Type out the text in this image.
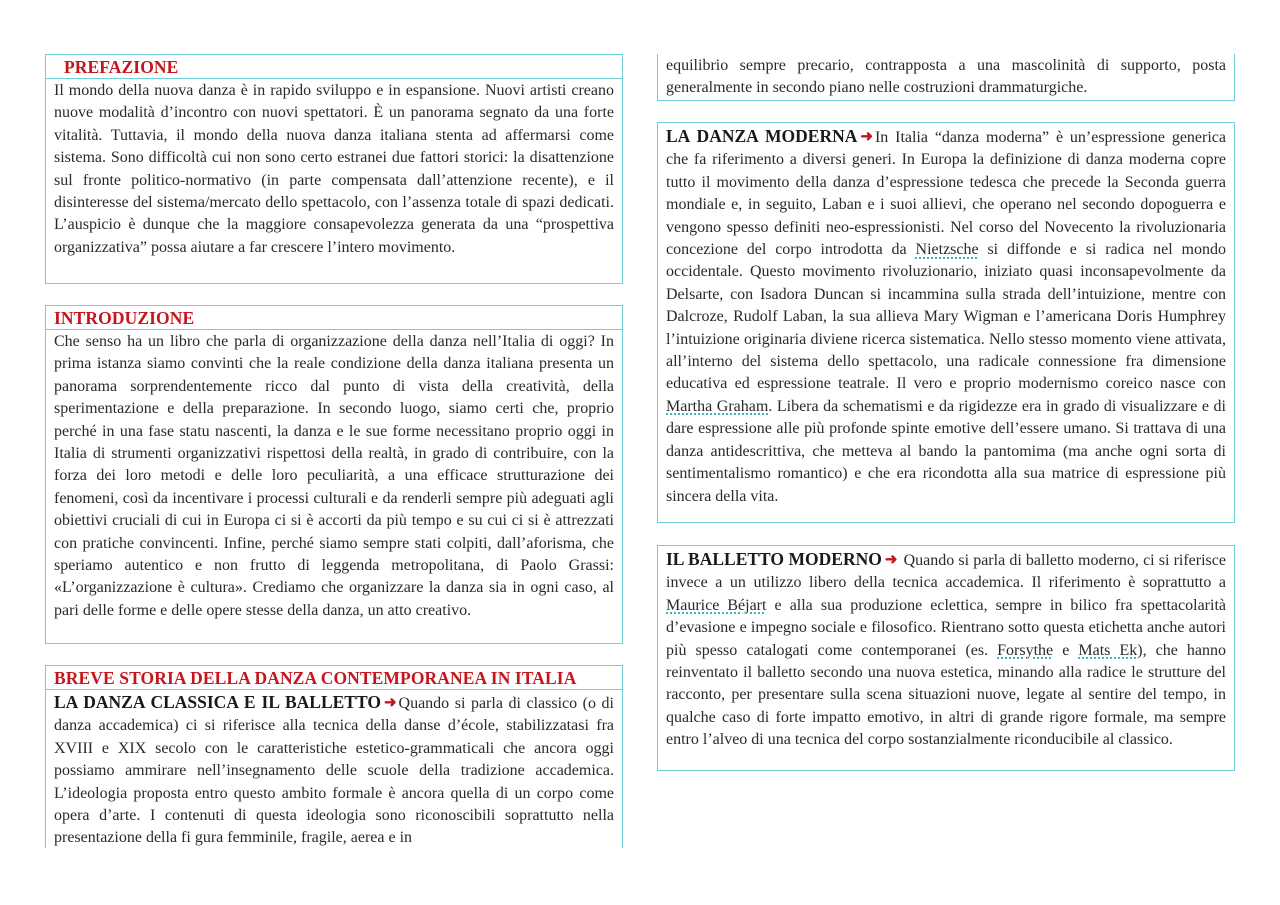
PREFAZIONE
Il mondo della nuova danza è in rapido sviluppo e in espansione. Nuovi artisti creano nuove modalità d’incontro con nuovi spettatori. È un panorama segnato da una forte vitalità. Tuttavia, il mondo della nuova danza italiana stenta ad affermarsi come sistema. Sono difficoltà cui non sono certo estranei due fattori storici: la disattenzione sul fronte politico-normativo (in parte compensata dall’attenzione recente), e il disinteresse del sistema/mercato dello spettacolo, con l’assenza totale di spazi dedicati. L’auspicio è dunque che la maggiore consapevolezza generata da una “prospettiva organizzativa” possa aiutare a far crescere l’intero movimento.
INTRODUZIONE
Che senso ha un libro che parla di organizzazione della danza nell’Italia di oggi? In prima istanza siamo convinti che la reale condizione della danza italiana presenta un panorama sorprendentemente ricco dal punto di vista della creatività, della sperimentazione e della preparazione. In secondo luogo, siamo certi che, proprio perché in una fase statu nascenti, la danza e le sue forme necessitano proprio oggi in Italia di strumenti organizzativi rispettosi della realtà, in grado di contribuire, con la forza dei loro metodi e delle loro peculiarità, a una efficace strutturazione dei fenomeni, così da incentivare i processi culturali e da renderli sempre più adeguati agli obiettivi cruciali di cui in Europa ci si è accorti da più tempo e su cui ci si è attrezzati con pratiche convincenti. Infine, perché siamo sempre stati colpiti, dall’aforisma, che speriamo autentico e non frutto di leggenda metropolitana, di Paolo Grassi: «L’organizzazione è cultura». Crediamo che organizzare la danza sia in ogni caso, al pari delle forme e delle opere stesse della danza, un atto creativo.
BREVE STORIA DELLA DANZA CONTEMPORANEA IN ITALIA
LA DANZA CLASSICA E IL BALLETTO ➜ Quando si parla di classico (o di danza accademica) ci si riferisce alla tecnica della danse d’école, stabilizzatasi fra XVIII e XIX secolo con le caratteristiche estetico-grammaticali che ancora oggi possiamo ammirare nell’insegnamento delle scuole della tradizione accademica. L’ideologia proposta entro questo ambito formale è ancora quella di un corpo come opera d’arte. I contenuti di questa ideologia sono riconoscibili soprattutto nella presentazione della fi gura femminile, fragile, aerea e in
equilibrio sempre precario, contrapposta a una mascolinità di supporto, posta generalmente in secondo piano nelle costruzioni drammaturgiche.
LA DANZA MODERNA ➜ In Italia “danza moderna” è un’espressione generica che fa riferimento a diversi generi. In Europa la definizione di danza moderna copre tutto il movimento della danza d’espressione tedesca che precede la Seconda guerra mondiale e, in seguito, Laban e i suoi allievi, che operano nel secondo dopoguerra e vengono spesso definiti neo-espressionisti. Nel corso del Novecento la rivoluzionaria concezione del corpo introdotta da Nietzsche si diffonde e si radica nel mondo occidentale. Questo movimento rivoluzionario, iniziato quasi inconsapevolmente da Delsarte, con Isadora Duncan si incammina sulla strada dell’intuizione, mentre con Dalcroze, Rudolf Laban, la sua allieva Mary Wigman e l’americana Doris Humphrey l’intuizione originaria diviene ricerca sistematica. Nello stesso momento viene attivata, all’interno del sistema dello spettacolo, una radicale connessione fra dimensione educativa ed espressione teatrale. Il vero e proprio modernismo coreico nasce con Martha Graham. Libera da schematismi e da rigidezze era in grado di visualizzare e di dare espressione alle più profonde spinte emotive dell’essere umano. Si trattava di una danza antidescrittiva, che metteva al bando la pantomima (ma anche ogni sorta di sentimentalismo romantico) e che era ricondotta alla sua matrice di espressione più sincera della vita.
IL BALLETTO MODERNO ➜ Quando si parla di balletto moderno, ci si riferisce invece a un utilizzo libero della tecnica accademica. Il riferimento è soprattutto a Maurice Béjart e alla sua produzione eclettica, sempre in bilico fra spettacolarità d’evasione e impegno sociale e filosofico. Rientrano sotto questa etichetta anche autori più spesso catalogati come contemporanei (es. Forsythe e Mats Ek), che hanno reinventato il balletto secondo una nuova estetica, minando alla radice le strutture del racconto, per presentare sulla scena situazioni nuove, legate al sentire del tempo, in qualche caso di forte impatto emotivo, in altri di grande rigore formale, ma sempre entro l’alveo di una tecnica del corpo sostanzialmente riconducibile al classico.
